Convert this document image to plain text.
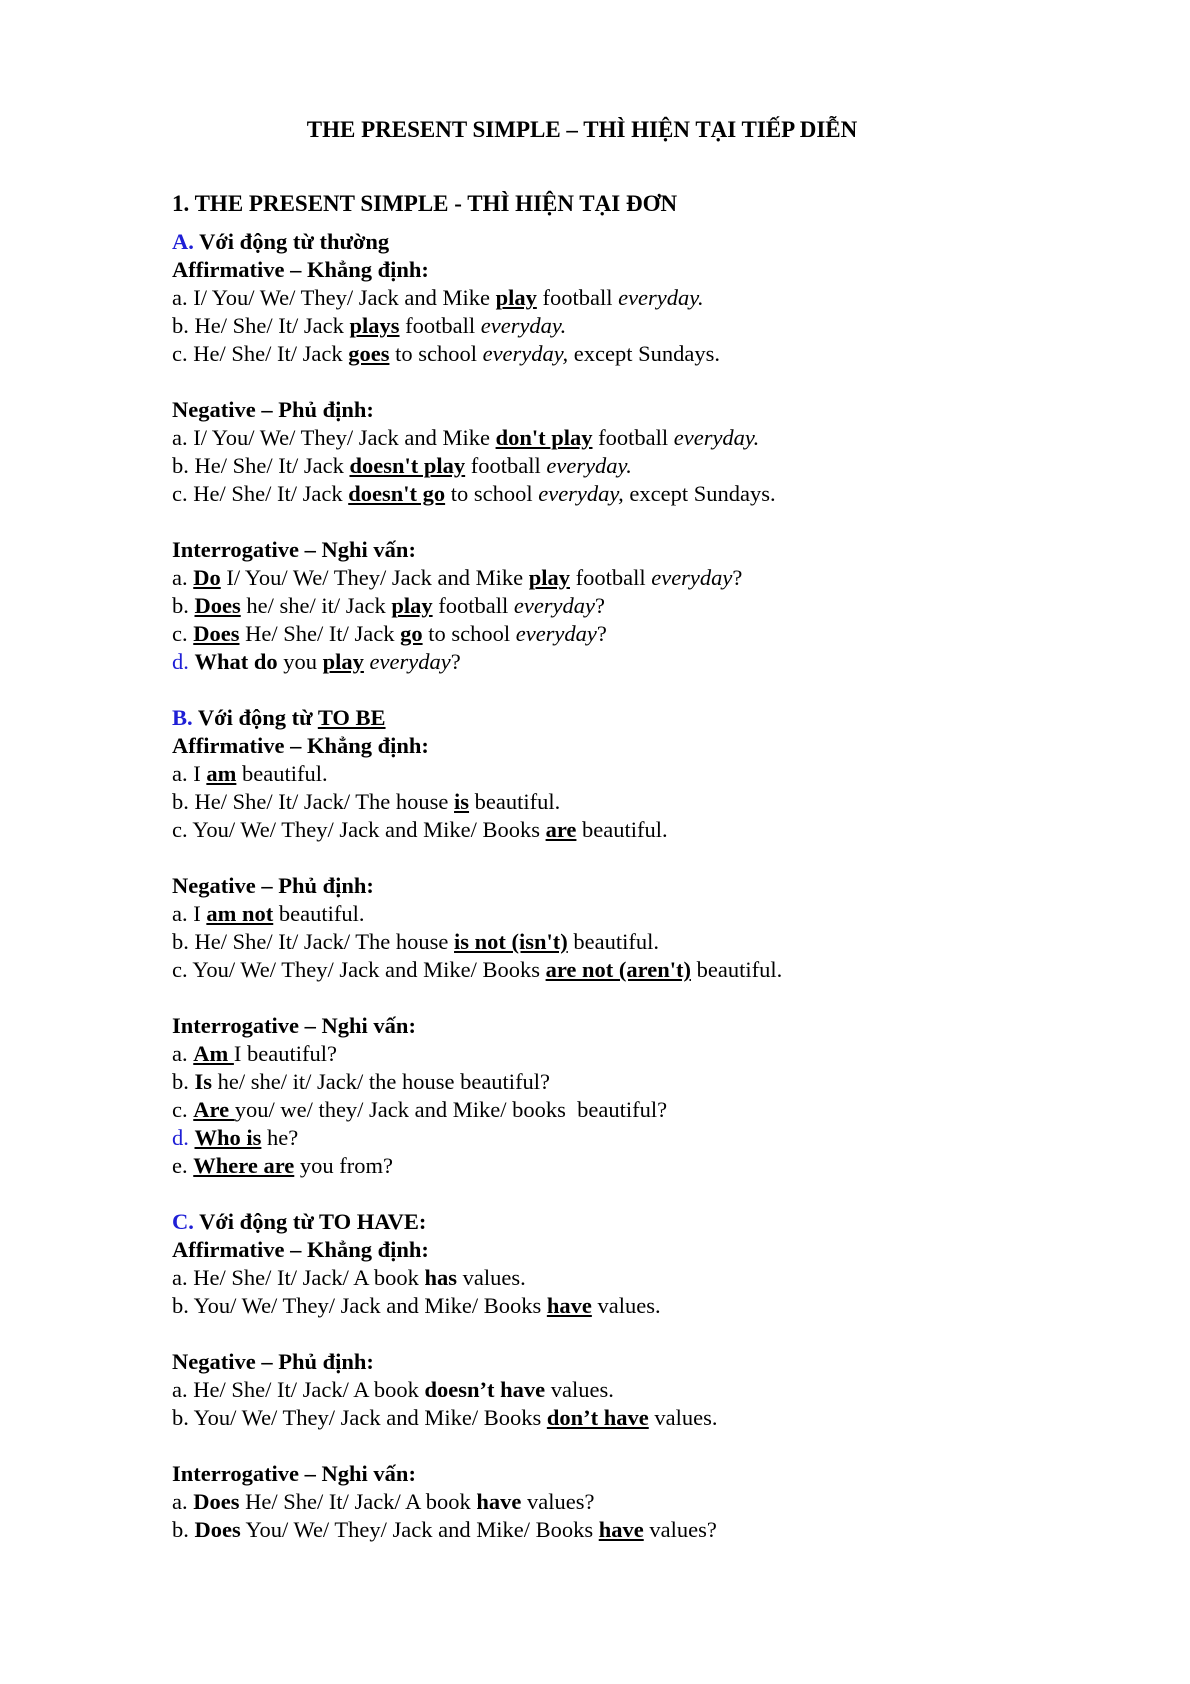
THE PRESENT SIMPLE – THÌ HIỆN TẠI TIẾP DIỄN
1. THE PRESENT SIMPLE - THÌ HIỆN TẠI ĐƠN
A. Với động từ thường
Affirmative – Khẳng định:
a. I/ You/ We/ They/ Jack and Mike play football everyday.
b. He/ She/ It/ Jack plays football everyday.
c. He/ She/ It/ Jack goes to school everyday, except Sundays.
Negative – Phủ định:
a. I/ You/ We/ They/ Jack and Mike don't play football everyday.
b. He/ She/ It/ Jack doesn't play football everyday.
c. He/ She/ It/ Jack doesn't go to school everyday, except Sundays.
Interrogative – Nghi vấn:
a. Do I/ You/ We/ They/ Jack and Mike play football everyday?
b. Does he/ she/ it/ Jack play football everyday?
c. Does He/ She/ It/ Jack go to school everyday?
d. What do you play everyday?
B. Với động từ TO BE
Affirmative – Khẳng định:
a. I am beautiful.
b. He/ She/ It/ Jack/ The house is beautiful.
c. You/ We/ They/ Jack and Mike/ Books are beautiful.
Negative – Phủ định:
a. I am not beautiful.
b. He/ She/ It/ Jack/ The house is not (isn't) beautiful.
c. You/ We/ They/ Jack and Mike/ Books are not (aren't) beautiful.
Interrogative – Nghi vấn:
a. Am I beautiful?
b. Is he/ she/ it/ Jack/ the house beautiful?
c. Are you/ we/ they/ Jack and Mike/ books  beautiful?
d. Who is he?
e. Where are you from?
C. Với động từ TO HAVE:
Affirmative – Khẳng định:
a. He/ She/ It/ Jack/ A book has values.
b. You/ We/ They/ Jack and Mike/ Books have values.
Negative – Phủ định:
a. He/ She/ It/ Jack/ A book doesn’t have values.
b. You/ We/ They/ Jack and Mike/ Books don’t have values.
Interrogative – Nghi vấn:
a. Does He/ She/ It/ Jack/ A book have values?
b. Does You/ We/ They/ Jack and Mike/ Books have values?
